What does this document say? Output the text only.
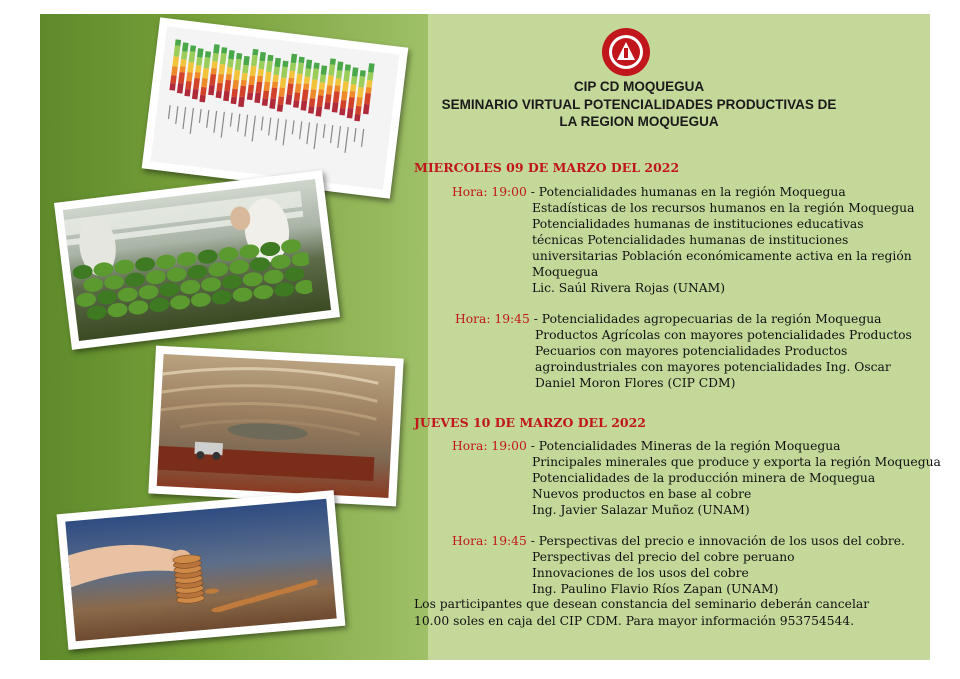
CIP CD MOQUEGUA
SEMINARIO VIRTUAL POTENCIALIDADES PRODUCTIVAS DE
LA REGION MOQUEGUA
MIERCOLES 09 DE MARZO DEL 2022
Hora: 19:00 - Potencialidades humanas en la región Moquegua
Estadísticas de los recursos humanos en la región Moquegua
Potencialidades humanas de instituciones educativas
técnicas Potencialidades humanas de instituciones
universitarias Población económicamente activa en la región
Moquegua
Lic. Saúl Rivera Rojas (UNAM)
Hora: 19:45 - Potencialidades agropecuarias de la región Moquegua
Productos Agrícolas con mayores potencialidades Productos
Pecuarios con mayores potencialidades Productos
agroindustriales con mayores potencialidades Ing. Oscar
Daniel Moron Flores (CIP CDM)
JUEVES 10 DE MARZO DEL 2022
Hora: 19:00 - Potencialidades Mineras de la región Moquegua
Principales minerales que produce y exporta la región Moquegua
Potencialidades de la producción minera de Moquegua
Nuevos productos en base al cobre
Ing. Javier Salazar Muñoz (UNAM)
Hora: 19:45 - Perspectivas del precio e innovación de los usos del cobre.
Perspectivas del precio del cobre peruano
Innovaciones de los usos del cobre
Ing. Paulino Flavio Ríos Zapan (UNAM)
Los participantes que desean constancia del seminario deberán cancelar
10.00 soles en caja del CIP CDM. Para mayor información 953754544.
